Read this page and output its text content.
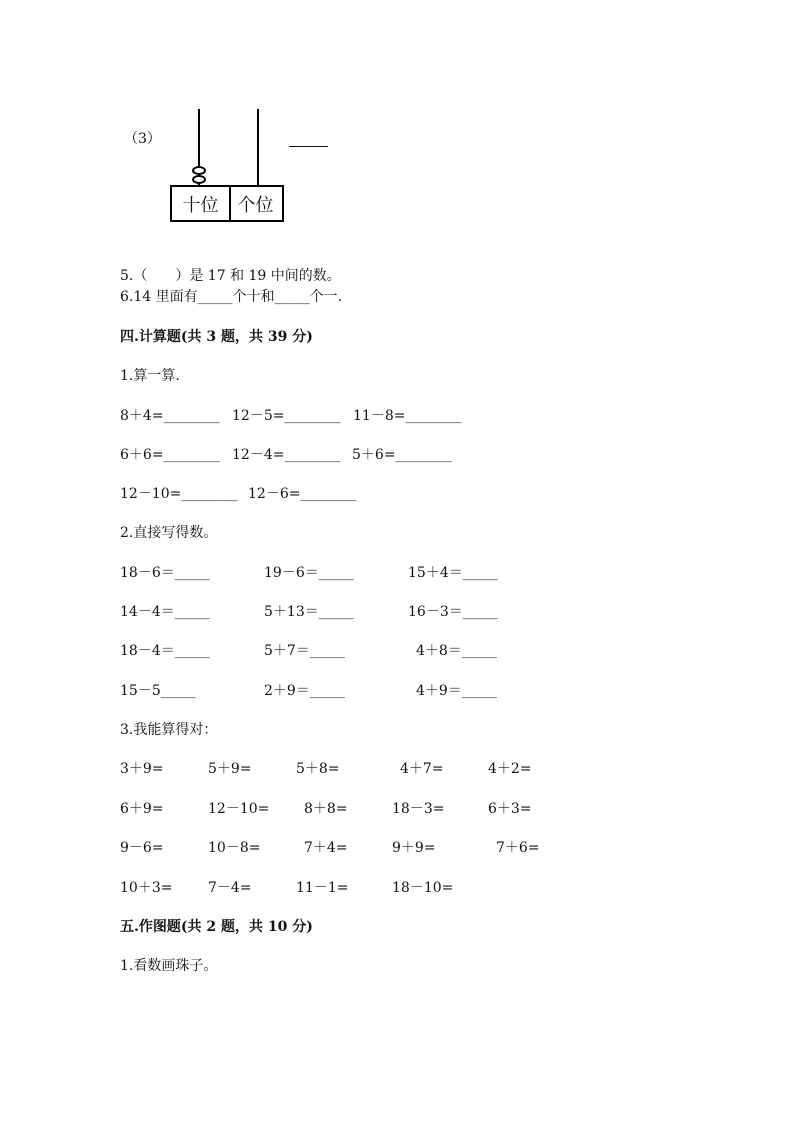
（3）
十位	个位
5.（　　）是 17 和 19 中间的数。
6.14 里面有_____个十和_____个一.
四.计算题(共 3 题，共 39 分)
1.算一算.
8＋4=________ 12－5=________ 11－8=________
6＋6=________ 12－4=________ 5＋6=________
12－10=________ 12－6=________
2.直接写得数。
18－6＝_____	19－6＝_____	15＋4＝_____
14－4＝_____	5＋13＝_____	16－3＝_____
18－4＝_____	5＋7＝_____	4＋8＝_____
15－5_____	2＋9＝_____	4＋9＝_____
3.我能算得对：
3＋9=	5＋9=	5＋8=	4＋7=	4＋2=
6＋9=	12－10= 8＋8=	18－3=	6＋3=
9－6=	10－8=	7＋4=	9＋9=	7＋6=
10＋3=	7－4=	11－1=	18－10=
五.作图题(共 2 题，共 10 分)
1.看数画珠子。
